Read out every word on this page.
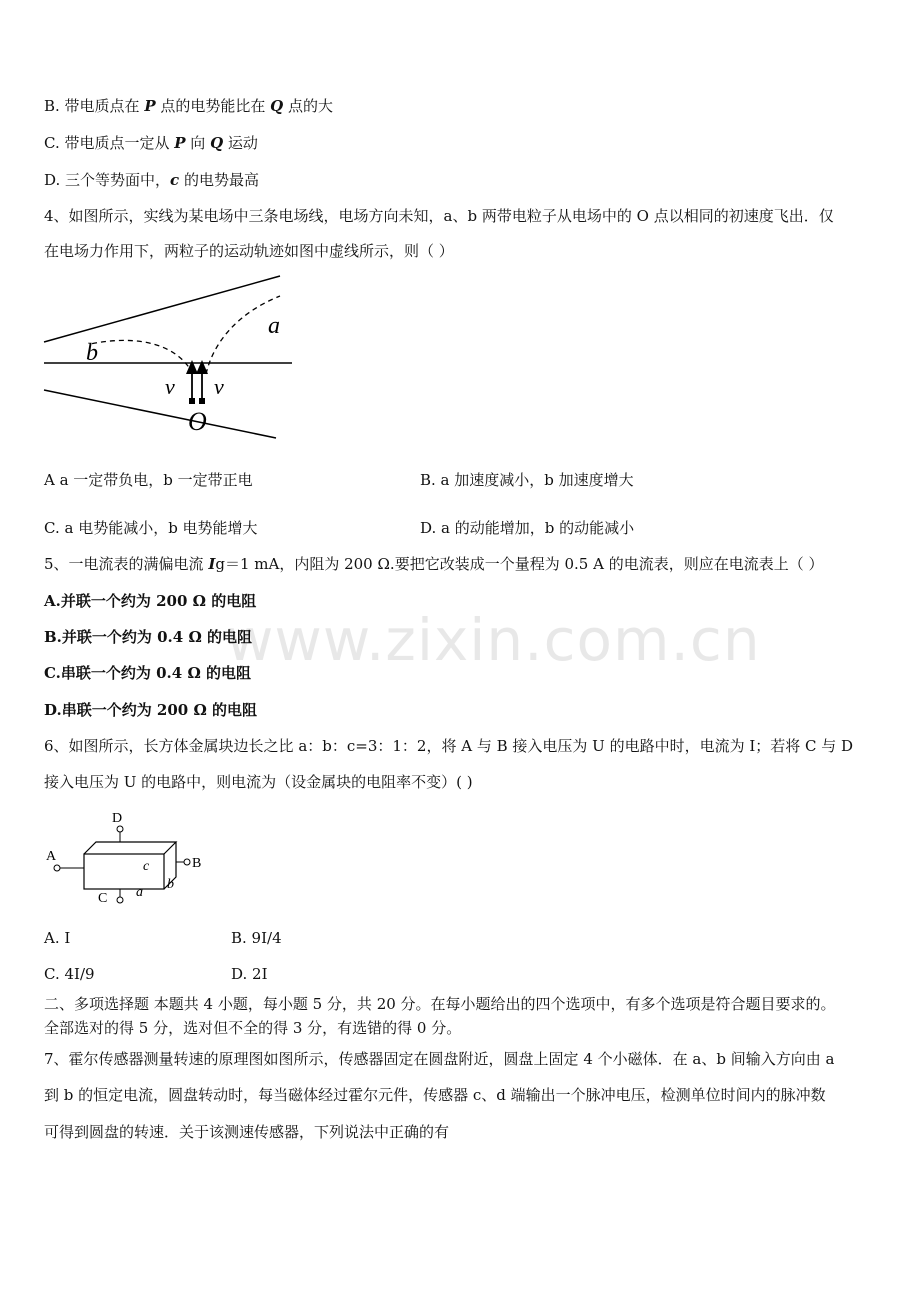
www.zixin.com.cn
B. 带电质点在 P 点的电势能比在 Q 点的大
C. 带电质点一定从 P 向 Q 运动
D. 三个等势面中，c 的电势最高
4、如图所示，实线为某电场中三条电场线，电场方向未知，a、b 两带电粒子从电场中的 O 点以相同的初速度飞出．仅
在电场力作用下，两粒子的运动轨迹如图中虚线所示，则（ ）
a
b
v v
O
A a 一定带负电，b 一定带正电	B. a 加速度减小，b 加速度增大
C. a 电势能减小，b 电势能增大	D. a 的动能增加，b 的动能减小
5、一电流表的满偏电流 Ig＝1 mA，内阻为 200 Ω.要把它改装成一个量程为 0.5 A 的电流表，则应在电流表上（ ）
A.并联一个约为 200 Ω 的电阻
B.并联一个约为 0.4 Ω 的电阻
C.串联一个约为 0.4 Ω 的电阻
D.串联一个约为 200 Ω 的电阻
6、如图所示，长方体金属块边长之比 a：b：c=3：1：2，将 A 与 B 接入电压为 U 的电路中时，电流为 I；若将 C 与 D
接入电压为 U 的电路中，则电流为（设金属块的电阻率不变）( )
D
A	B
C
c
a
b
A. I	B. 9I/4
C. 4I/9	D. 2I
二、多项选择题 本题共 4 小题，每小题 5 分，共 20 分。在每小题给出的四个选项中，有多个选项是符合题目要求的。
全部选对的得 5 分，选对但不全的得 3 分，有选错的得 0 分。
7、霍尔传感器测量转速的原理图如图所示，传感器固定在圆盘附近，圆盘上固定 4 个小磁体．在 a、b 间输入方向由 a
到 b 的恒定电流，圆盘转动时，每当磁体经过霍尔元件，传感器 c、d 端输出一个脉冲电压，检测单位时间内的脉冲数
可得到圆盘的转速．关于该测速传感器，下列说法中正确的有
